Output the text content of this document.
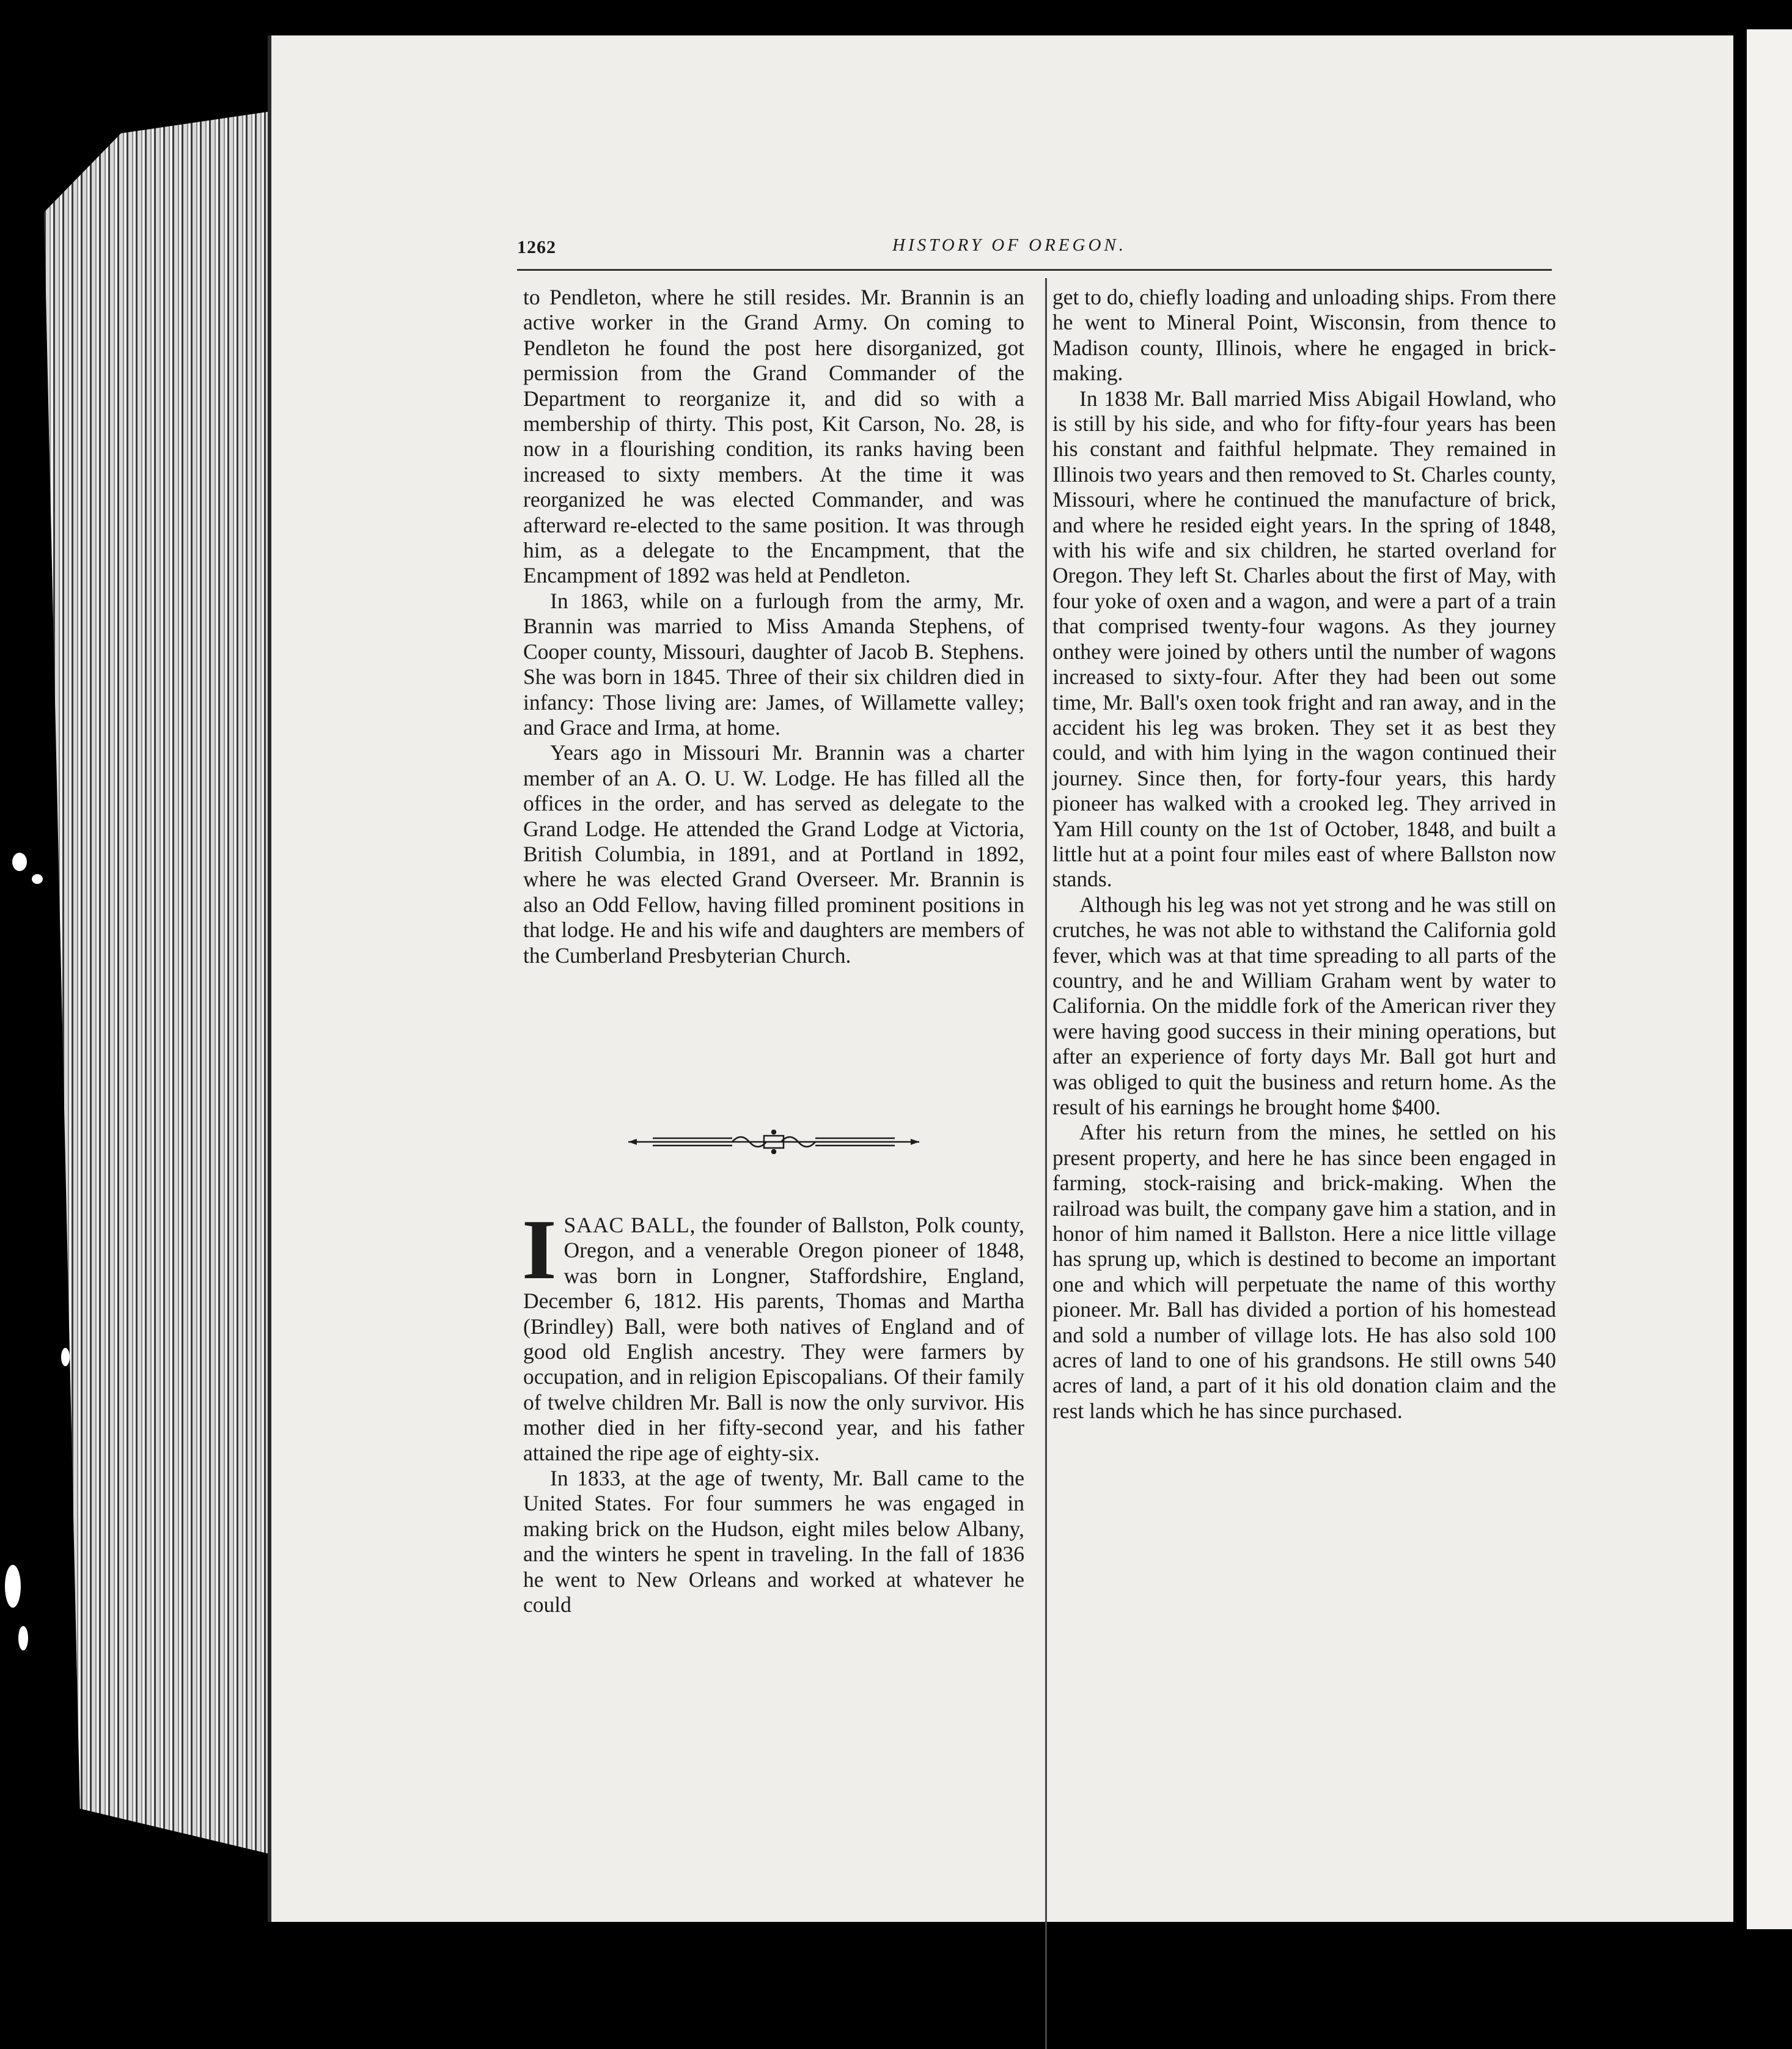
1262	HISTORY OF OREGON.

to Pendleton, where he still resides. Mr. Brannin is an active worker in the Grand Army. On coming to Pendleton he found the post here disorganized, got permission from the Grand Commander of the Department to reorganize it, and did so with a membership of thirty. This post, Kit Carson, No. 28, is now in a flourishing condition, its ranks having been increased to sixty members. At the time it was reorganized he was elected Commander, and was afterward re-elected to the same position. It was through him, as a delegate to the Encampment, that the Encampment of 1892 was held at Pendleton.

In 1863, while on a furlough from the army, Mr. Brannin was married to Miss Amanda Stephens, of Cooper county, Missouri, daughter of Jacob B. Stephens. She was born in 1845. Three of their six children died in infancy: Those living are: James, of Willamette valley; and Grace and Irma, at home.

Years ago in Missouri Mr. Brannin was a charter member of an A. O. U. W. Lodge. He has filled all the offices in the order, and has served as delegate to the Grand Lodge. He attended the Grand Lodge at Victoria, British Columbia, in 1891, and at Portland in 1892, where he was elected Grand Overseer. Mr. Brannin is also an Odd Fellow, having filled prominent positions in that lodge. He and his wife and daughters are members of the Cumberland Presbyterian Church.

ISAAC BALL, the founder of Ballston, Polk county, Oregon, and a venerable Oregon pioneer of 1848, was born in Longner, Staffordshire, England, December 6, 1812. His parents, Thomas and Martha (Brindley) Ball, were both natives of England and of good old English ancestry. They were farmers by occupation, and in religion Episcopalians. Of their family of twelve children Mr. Ball is now the only survivor. His mother died in her fifty-second year, and his father attained the ripe age of eighty-six.

In 1833, at the age of twenty, Mr. Ball came to the United States. For four summers he was engaged in making brick on the Hudson, eight miles below Albany, and the winters he spent in traveling. In the fall of 1836 he went to New Orleans and worked at whatever he could

get to do, chiefly loading and unloading ships. From there he went to Mineral Point, Wisconsin, from thence to Madison county, Illinois, where he engaged in brick-making.

In 1838 Mr. Ball married Miss Abigail Howland, who is still by his side, and who for fifty-four years has been his constant and faithful helpmate. They remained in Illinois two years and then removed to St. Charles county, Missouri, where he continued the manufacture of brick, and where he resided eight years. In the spring of 1848, with his wife and six children, he started overland for Oregon. They left St. Charles about the first of May, with four yoke of oxen and a wagon, and were a part of a train that comprised twenty-four wagons. As they journey onthey were joined by others until the number of wagons increased to sixty-four. After they had been out some time, Mr. Ball's oxen took fright and ran away, and in the accident his leg was broken. They set it as best they could, and with him lying in the wagon continued their journey. Since then, for forty-four years, this hardy pioneer has walked with a crooked leg. They arrived in Yam Hill county on the 1st of October, 1848, and built a little hut at a point four miles east of where Ballston now stands.

Although his leg was not yet strong and he was still on crutches, he was not able to withstand the California gold fever, which was at that time spreading to all parts of the country, and he and William Graham went by water to California. On the middle fork of the American river they were having good success in their mining operations, but after an experience of forty days Mr. Ball got hurt and was obliged to quit the business and return home. As the result of his earnings he brought home $400.

After his return from the mines, he settled on his present property, and here he has since been engaged in farming, stock-raising and brick-making. When the railroad was built, the company gave him a station, and in honor of him named it Ballston. Here a nice little village has sprung up, which is destined to become an important one and which will perpetuate the name of this worthy pioneer. Mr. Ball has divided a portion of his homestead and sold a number of village lots. He has also sold 100 acres of land to one of his grandsons. He still owns 540 acres of land, a part of it his old donation claim and the rest lands which he has since purchased.
